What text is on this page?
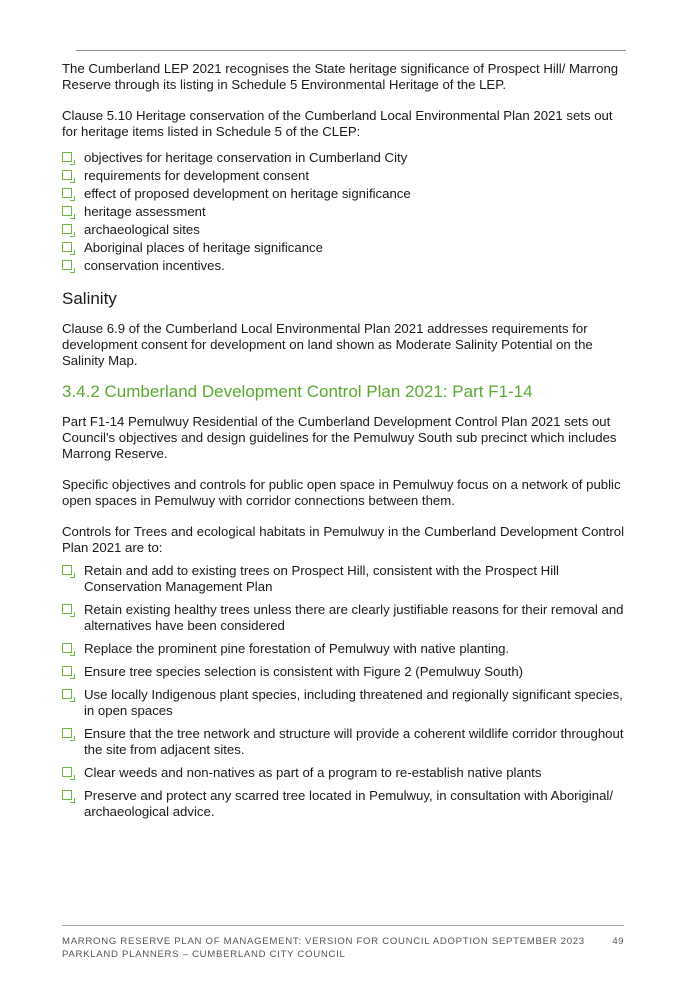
The Cumberland LEP 2021 recognises the State heritage significance of Prospect Hill/ Marrong Reserve through its listing in Schedule 5 Environmental Heritage of the LEP.

Clause 5.10 Heritage conservation of the Cumberland Local Environmental Plan 2021 sets out for heritage items listed in Schedule 5 of the CLEP:

objectives for heritage conservation in Cumberland City
requirements for development consent
effect of proposed development on heritage significance
heritage assessment
archaeological sites
Aboriginal places of heritage significance
conservation incentives.
Salinity

Clause 6.9 of the Cumberland Local Environmental Plan 2021 addresses requirements for development consent for development on land shown as Moderate Salinity Potential on the Salinity Map.

3.4.2 Cumberland Development Control Plan 2021: Part F1-14

Part F1-14 Pemulwuy Residential of the Cumberland Development Control Plan 2021 sets out Council's objectives and design guidelines for the Pemulwuy South sub precinct which includes Marrong Reserve.

Specific objectives and controls for public open space in Pemulwuy focus on a network of public open spaces in Pemulwuy with corridor connections between them.

Controls for Trees and ecological habitats in Pemulwuy in the Cumberland Development Control Plan 2021 are to:

Retain and add to existing trees on Prospect Hill, consistent with the Prospect Hill Conservation Management Plan
Retain existing healthy trees unless there are clearly justifiable reasons for their removal and alternatives have been considered
Replace the prominent pine forestation of Pemulwuy with native planting.
Ensure tree species selection is consistent with Figure 2 (Pemulwuy South)
Use locally Indigenous plant species, including threatened and regionally significant species, in open spaces
Ensure that the tree network and structure will provide a coherent wildlife corridor throughout the site from adjacent sites.
Clear weeds and non-natives as part of a program to re-establish native plants
Preserve and protect any scarred tree located in Pemulwuy, in consultation with Aboriginal/ archaeological advice.
MARRONG RESERVE PLAN OF MANAGEMENT: VERSION FOR COUNCIL ADOPTION SEPTEMBER 2023
PARKLAND PLANNERS – CUMBERLAND CITY COUNCIL
49
